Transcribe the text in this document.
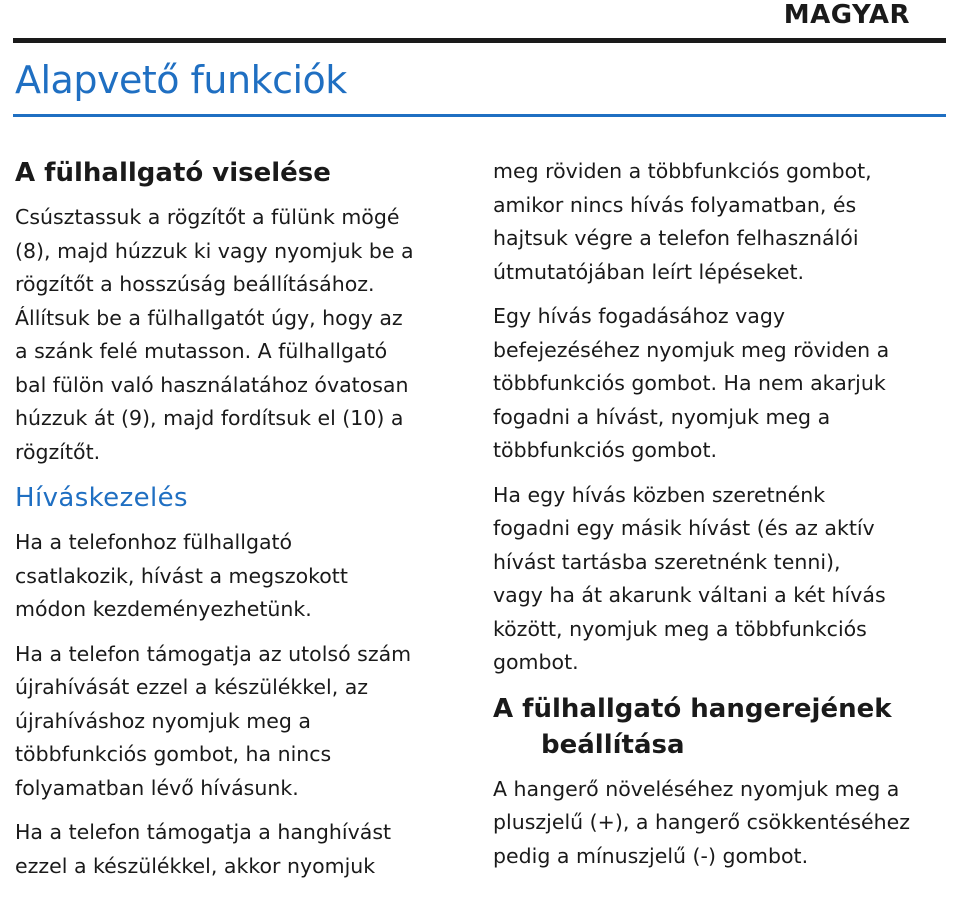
MAGYAR
Alapvető funkciók
A fülhallgató viselése

Csúsztassuk a rögzítőt a fülünk mögé
(8), majd húzzuk ki vagy nyomjuk be a
rögzítőt a hosszúság beállításához.
Állítsuk be a fülhallgatót úgy, hogy az
a szánk felé mutasson. A fülhallgató
bal fülön való használatához óvatosan
húzzuk át (9), majd fordítsuk el (10) a
rögzítőt.

Híváskezelés

Ha a telefonhoz fülhallgató
csatlakozik, hívást a megszokott
módon kezdeményezhetünk.

Ha a telefon támogatja az utolsó szám
újrahívását ezzel a készülékkel, az
újrahíváshoz nyomjuk meg a
többfunkciós gombot, ha nincs
folyamatban lévő hívásunk.

Ha a telefon támogatja a hanghívást
ezzel a készülékkel, akkor nyomjuk

meg röviden a többfunkciós gombot,
amikor nincs hívás folyamatban, és
hajtsuk végre a telefon felhasználói
útmutatójában leírt lépéseket.

Egy hívás fogadásához vagy
befejezéséhez nyomjuk meg röviden a
többfunkciós gombot. Ha nem akarjuk
fogadni a hívást, nyomjuk meg a
többfunkciós gombot.

Ha egy hívás közben szeretnénk
fogadni egy másik hívást (és az aktív
hívást tartásba szeretnénk tenni),
vagy ha át akarunk váltani a két hívás
között, nyomjuk meg a többfunkciós
gombot.

A fülhallgató hangerejének
beállítása

A hangerő növeléséhez nyomjuk meg a
pluszjelű (+), a hangerő csökkentéséhez
pedig a mínuszjelű (-) gombot.
